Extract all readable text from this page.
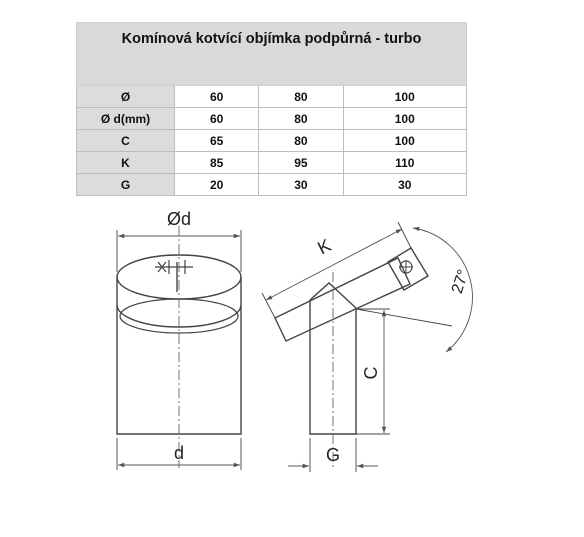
Komínová kotvící objímka podpůrná - turbo			
Ø	60	80	100
Ø d(mm)	60	80	100
C	65	80	100
K	85	95	110
G	20	30	30
Ød
d
K
C
G
27°
